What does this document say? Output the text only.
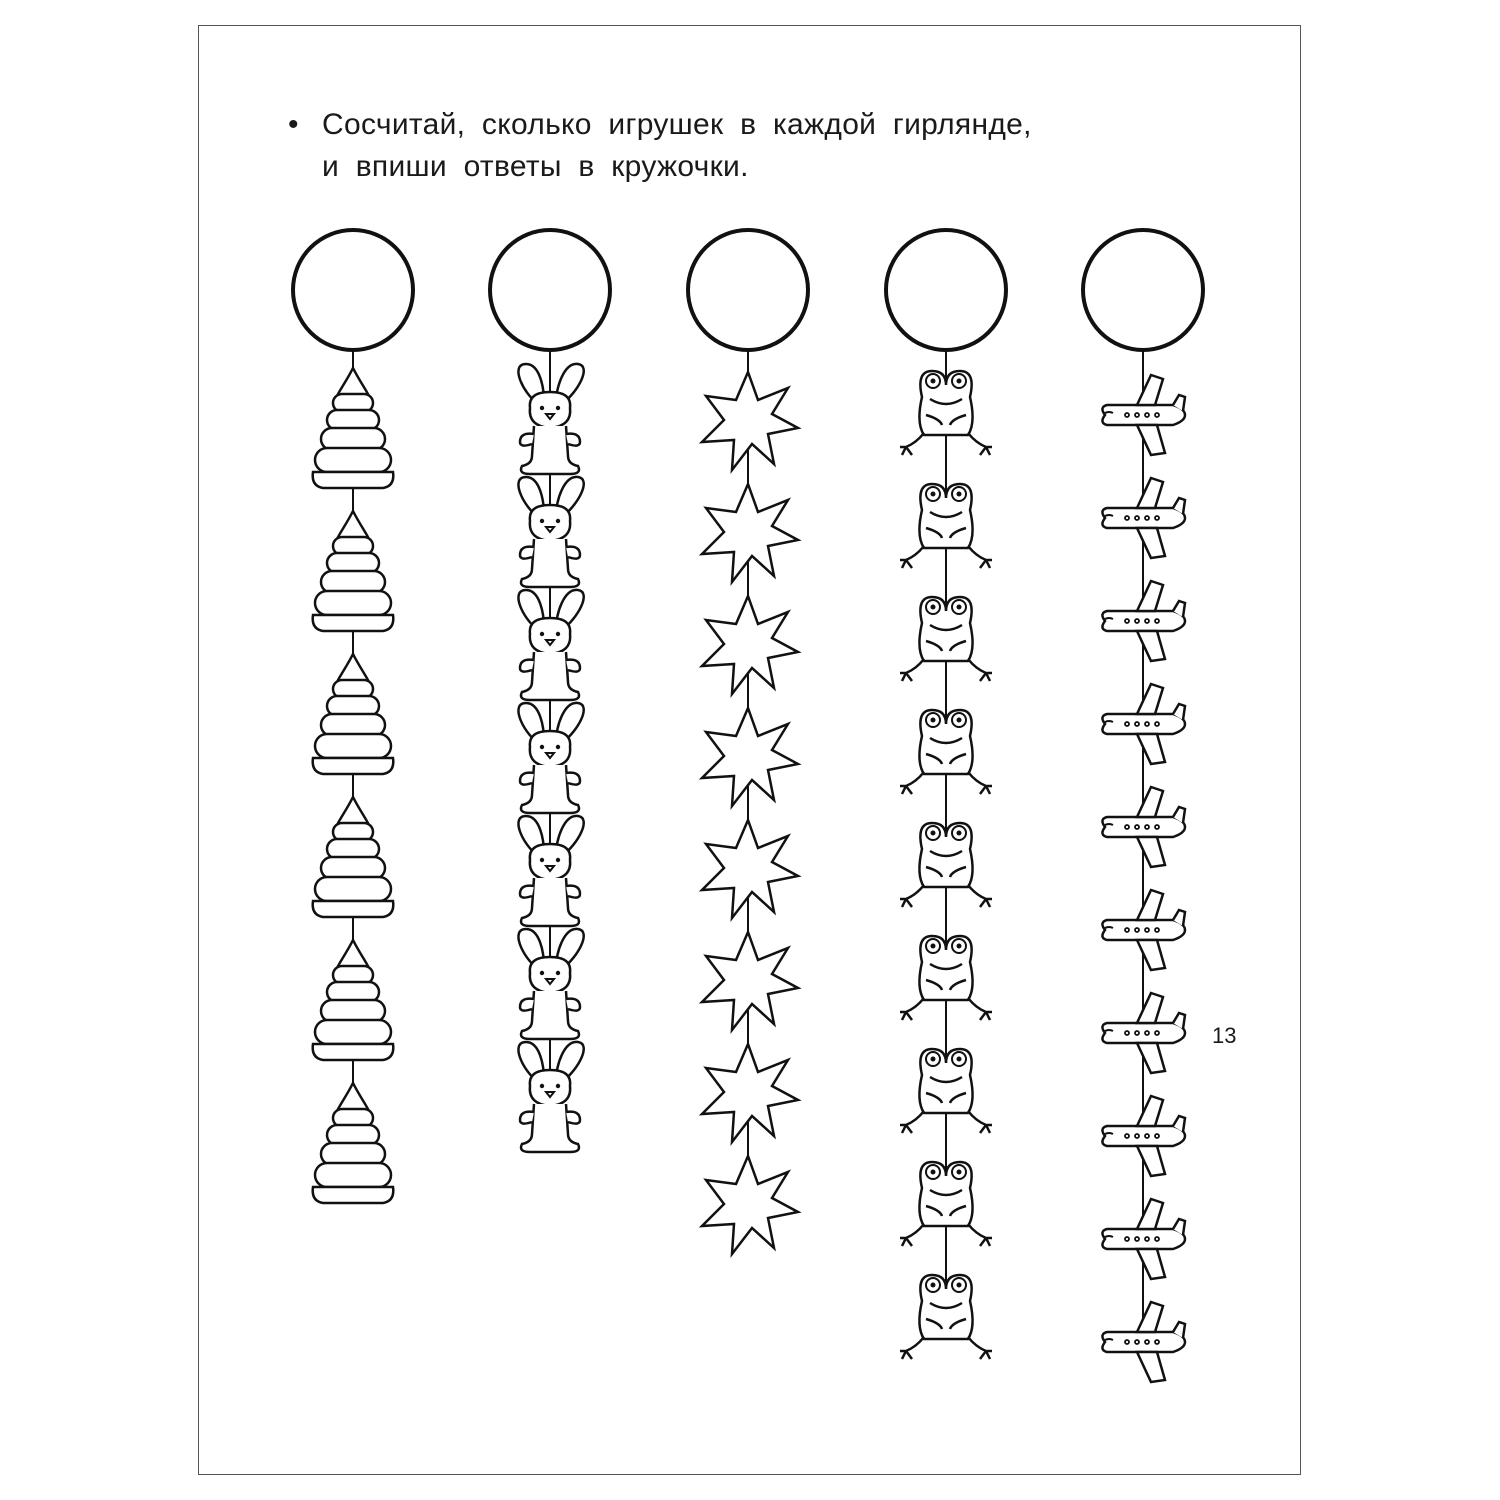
• Сосчитай, сколько игрушек в каждой гирлянде,
и впиши ответы в кружочки.
13
